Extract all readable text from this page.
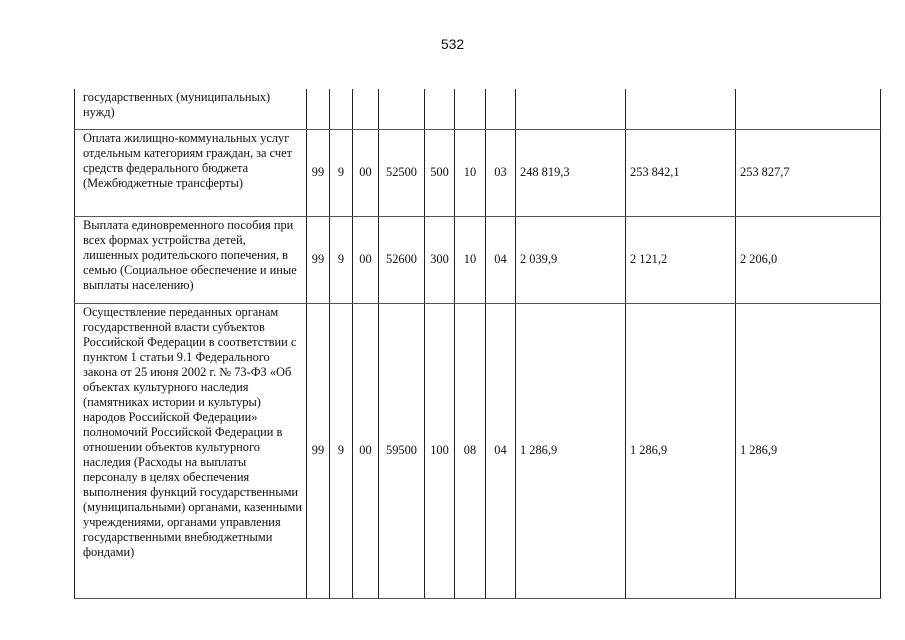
532
государственных (муниципальных) нужд)										
Оплата жилищно-коммунальных услуг отдельным категориям граждан, за счет средств федерального бюджета (Межбюджетные трансферты)	99	9	00	52500	500	10	03	248 819,3	253 842,1	253 827,7
Выплата единовременного пособия при всех формах устройства детей, лишенных родительского попечения, в семью (Социальное обеспечение и иные выплаты населению)	99	9	00	52600	300	10	04	2 039,9	2 121,2	2 206,0
Осуществление переданных органам государственной власти субъектов Российской Федерации в соответствии с пунктом 1 статьи 9.1 Федерального закона от 25 июня 2002 г. № 73-ФЗ «Об объектах культурного наследия (памятниках истории и культуры) народов Российской Федерации» полномочий Российской Федерации в отношении объектов культурного наследия (Расходы на выплаты персоналу в целях обеспечения выполнения функций государственными (муниципальными) органами, казенными учреждениями, органами управления государственными внебюджетными фондами)	99	9	00	59500	100	08	04	1 286,9	1 286,9	1 286,9
